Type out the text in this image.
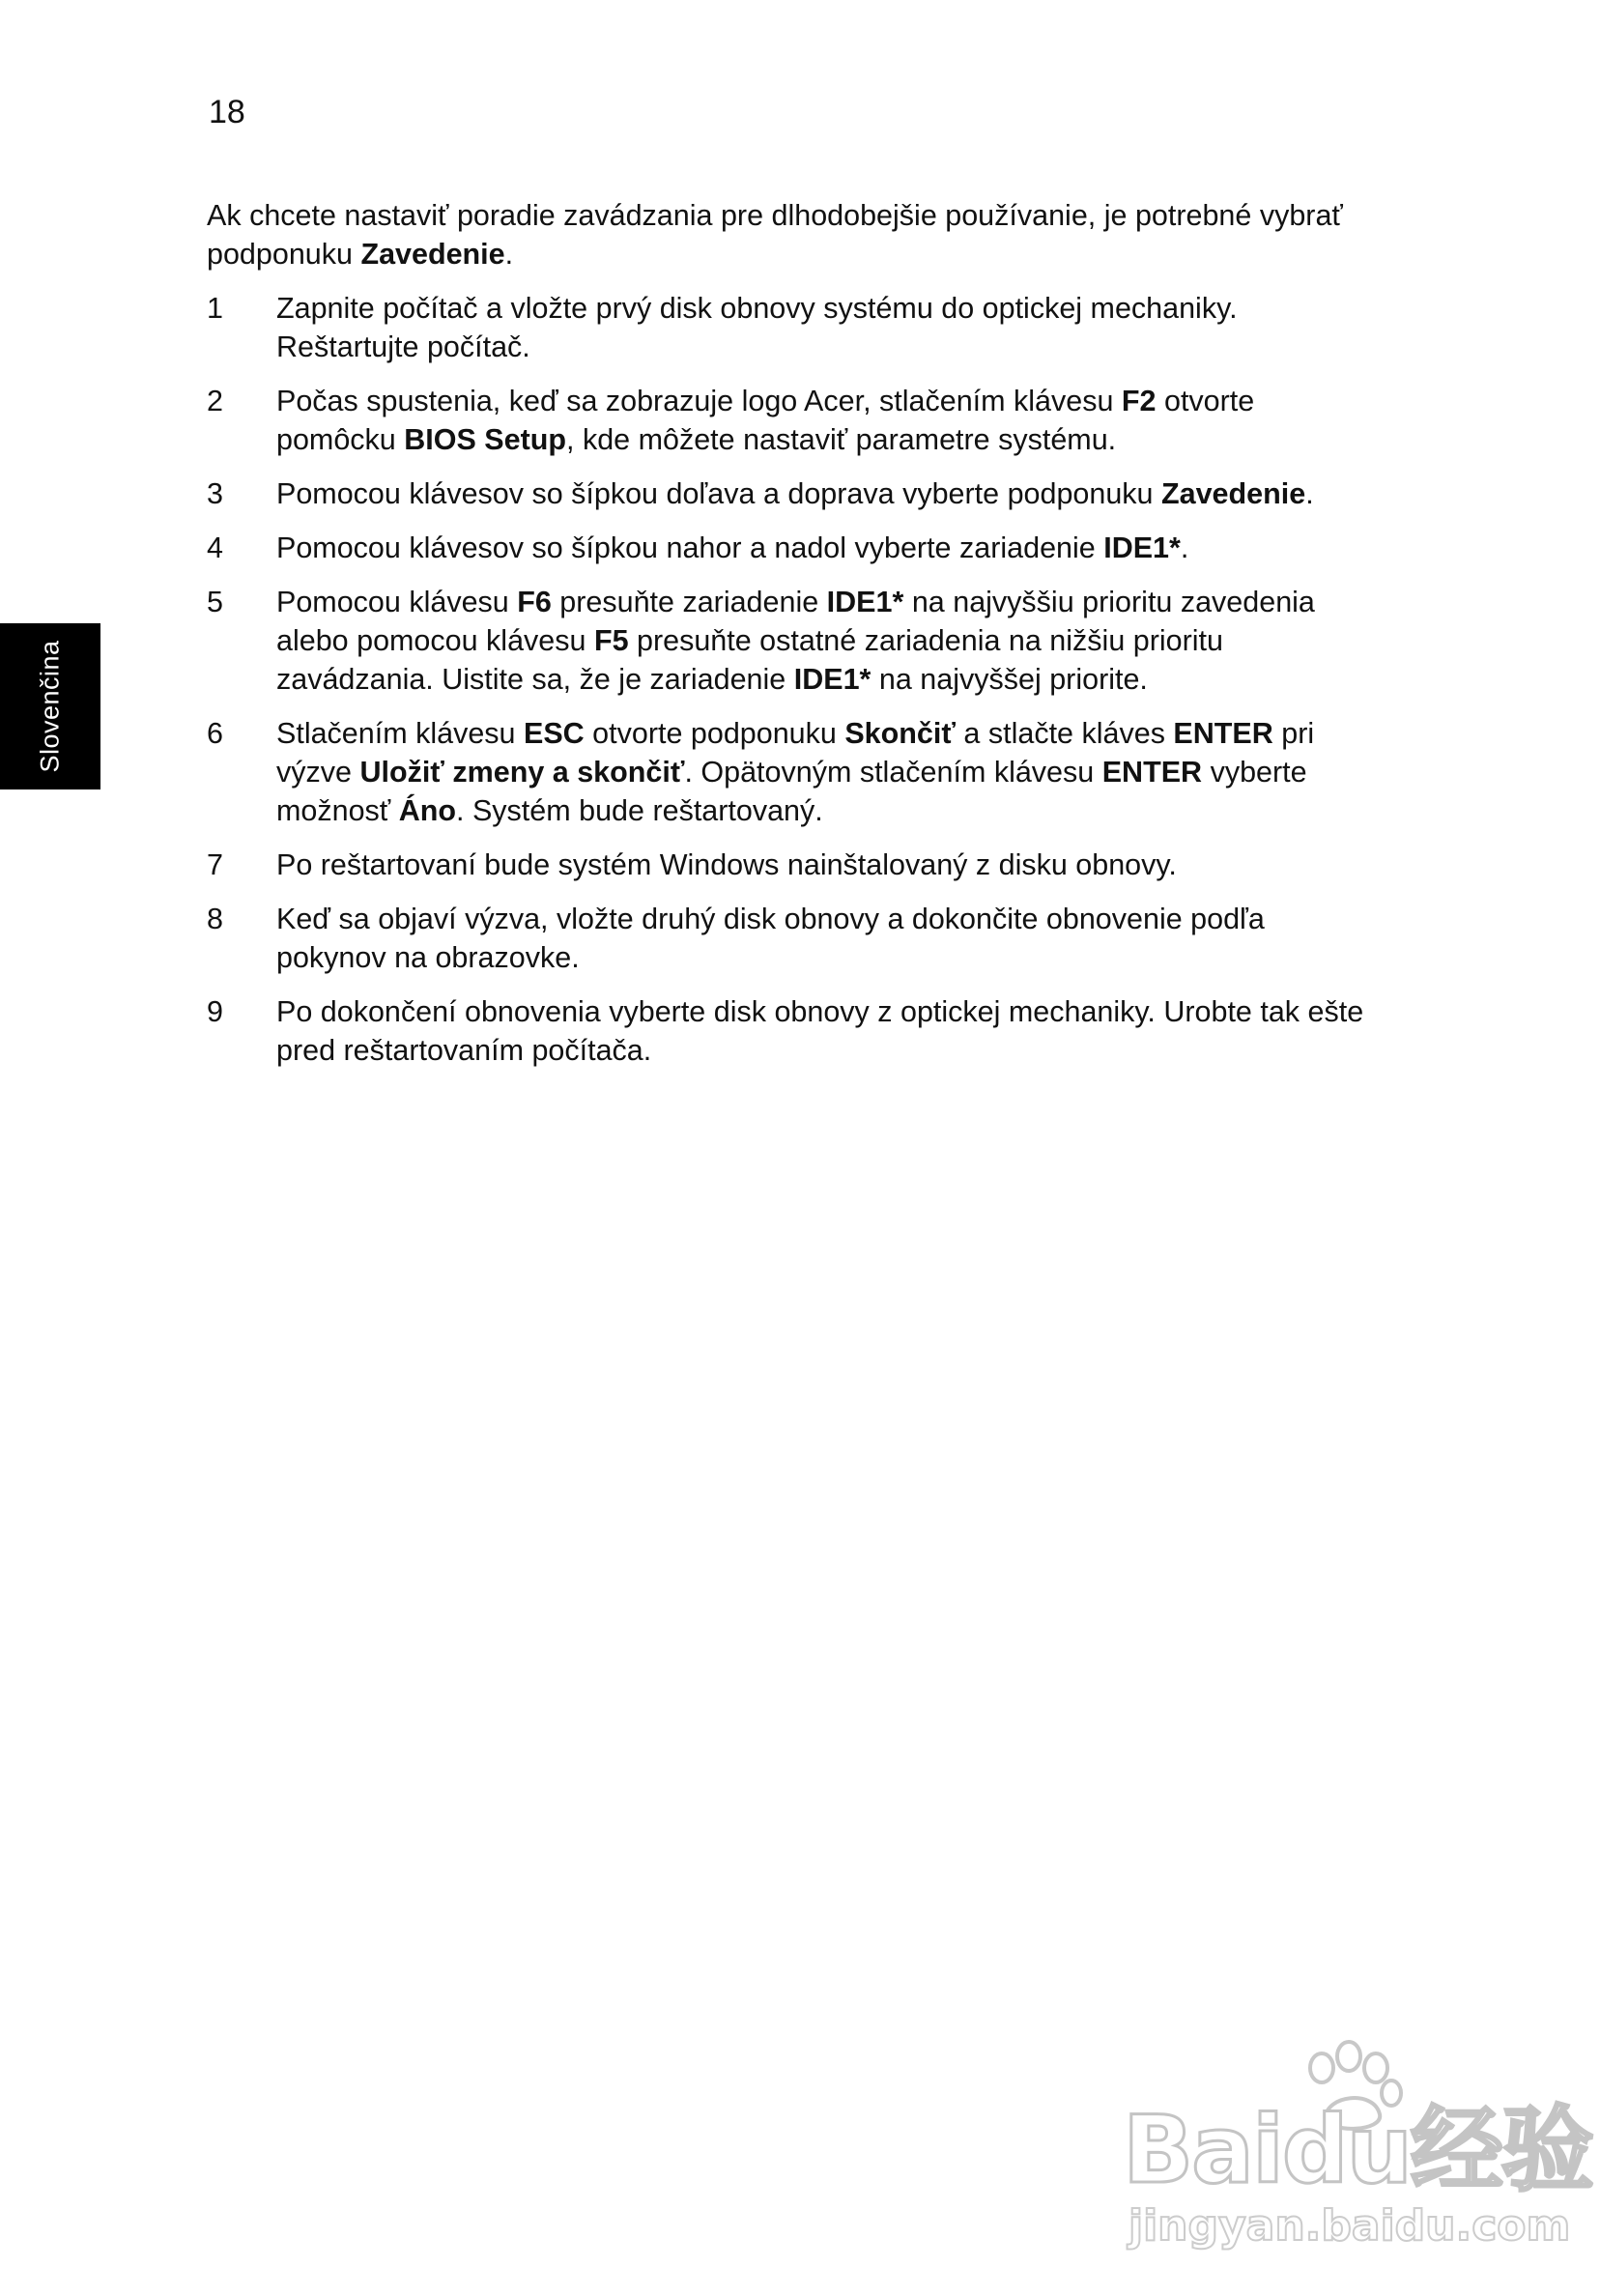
18
Slovenčina

Ak chcete nastaviť poradie zavádzania pre dlhodobejšie používanie, je potrebné vybrať podponuku Zavedenie.

1	Zapnite počítač a vložte prvý disk obnovy systému do optickej mechaniky. Reštartujte počítač.
2	Počas spustenia, keď sa zobrazuje logo Acer, stlačením klávesu F2 otvorte pomôcku BIOS Setup, kde môžete nastaviť parametre systému.
3	Pomocou klávesov so šípkou doľava a doprava vyberte podponuku Zavedenie.
4	Pomocou klávesov so šípkou nahor a nadol vyberte zariadenie IDE1*.
5	Pomocou klávesu F6 presuňte zariadenie IDE1* na najvyššiu prioritu zavedenia alebo pomocou klávesu F5 presuňte ostatné zariadenia na nižšiu prioritu zavádzania. Uistite sa, že je zariadenie IDE1* na najvyššej priorite.
6	Stlačením klávesu ESC otvorte podponuku Skončiť a stlačte kláves ENTER pri výzve Uložiť zmeny a skončiť. Opätovným stlačením klávesu ENTER vyberte možnosť Áno. Systém bude reštartovaný.
7	Po reštartovaní bude systém Windows nainštalovaný z disku obnovy.
8	Keď sa objaví výzva, vložte druhý disk obnovy a dokončite obnovenie podľa pokynov na obrazovke.
9	Po dokončení obnovenia vyberte disk obnovy z optickej mechaniky. Urobte tak ešte pred reštartovaním počítača.
Baidu经验
jingyan.baidu.com
